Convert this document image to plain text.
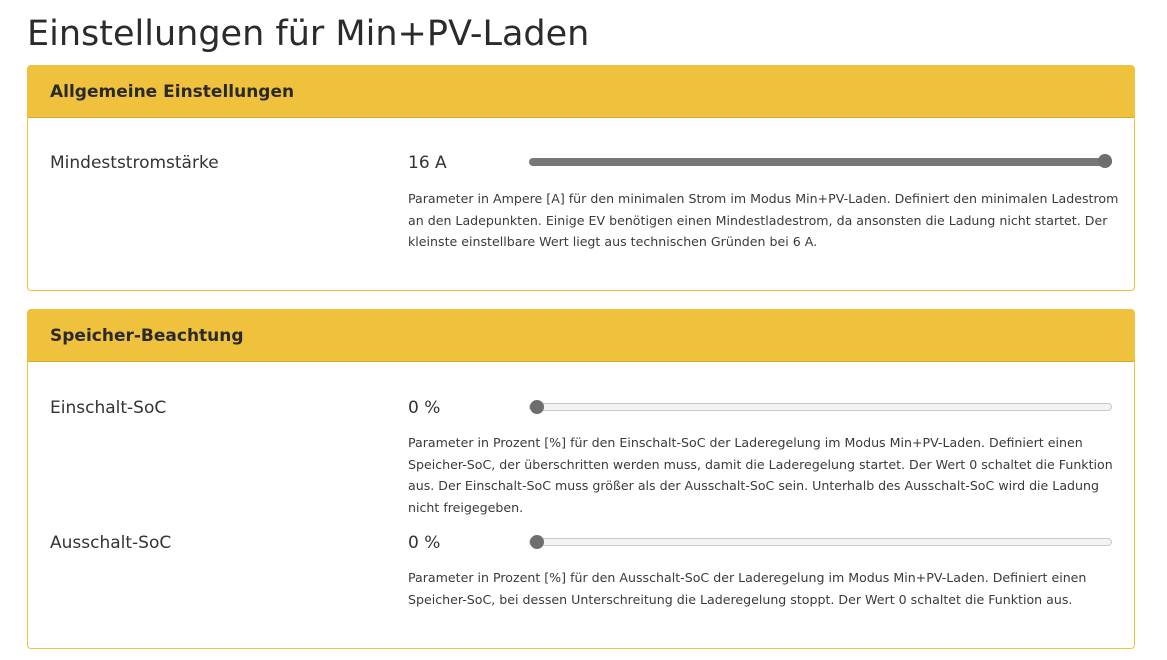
Einstellungen für Min+PV-Laden
Allgemeine Einstellungen
Mindeststromstärke	16 A
Parameter in Ampere [A] für den minimalen Strom im Modus Min+PV-Laden. Definiert den minimalen Ladestrom an den Ladepunkten. Einige EV benötigen einen Mindestladestrom, da ansonsten die Ladung nicht startet. Der kleinste einstellbare Wert liegt aus technischen Gründen bei 6 A.
Speicher-Beachtung
Einschalt-SoC	0 %
Parameter in Prozent [%] für den Einschalt-SoC der Laderegelung im Modus Min+PV-Laden. Definiert einen Speicher-SoC, der überschritten werden muss, damit die Laderegelung startet. Der Wert 0 schaltet die Funktion aus. Der Einschalt-SoC muss größer als der Ausschalt-SoC sein. Unterhalb des Ausschalt-SoC wird die Ladung nicht freigegeben.
Ausschalt-SoC	0 %
Parameter in Prozent [%] für den Ausschalt-SoC der Laderegelung im Modus Min+PV-Laden. Definiert einen Speicher-SoC, bei dessen Unterschreitung die Laderegelung stoppt. Der Wert 0 schaltet die Funktion aus.
